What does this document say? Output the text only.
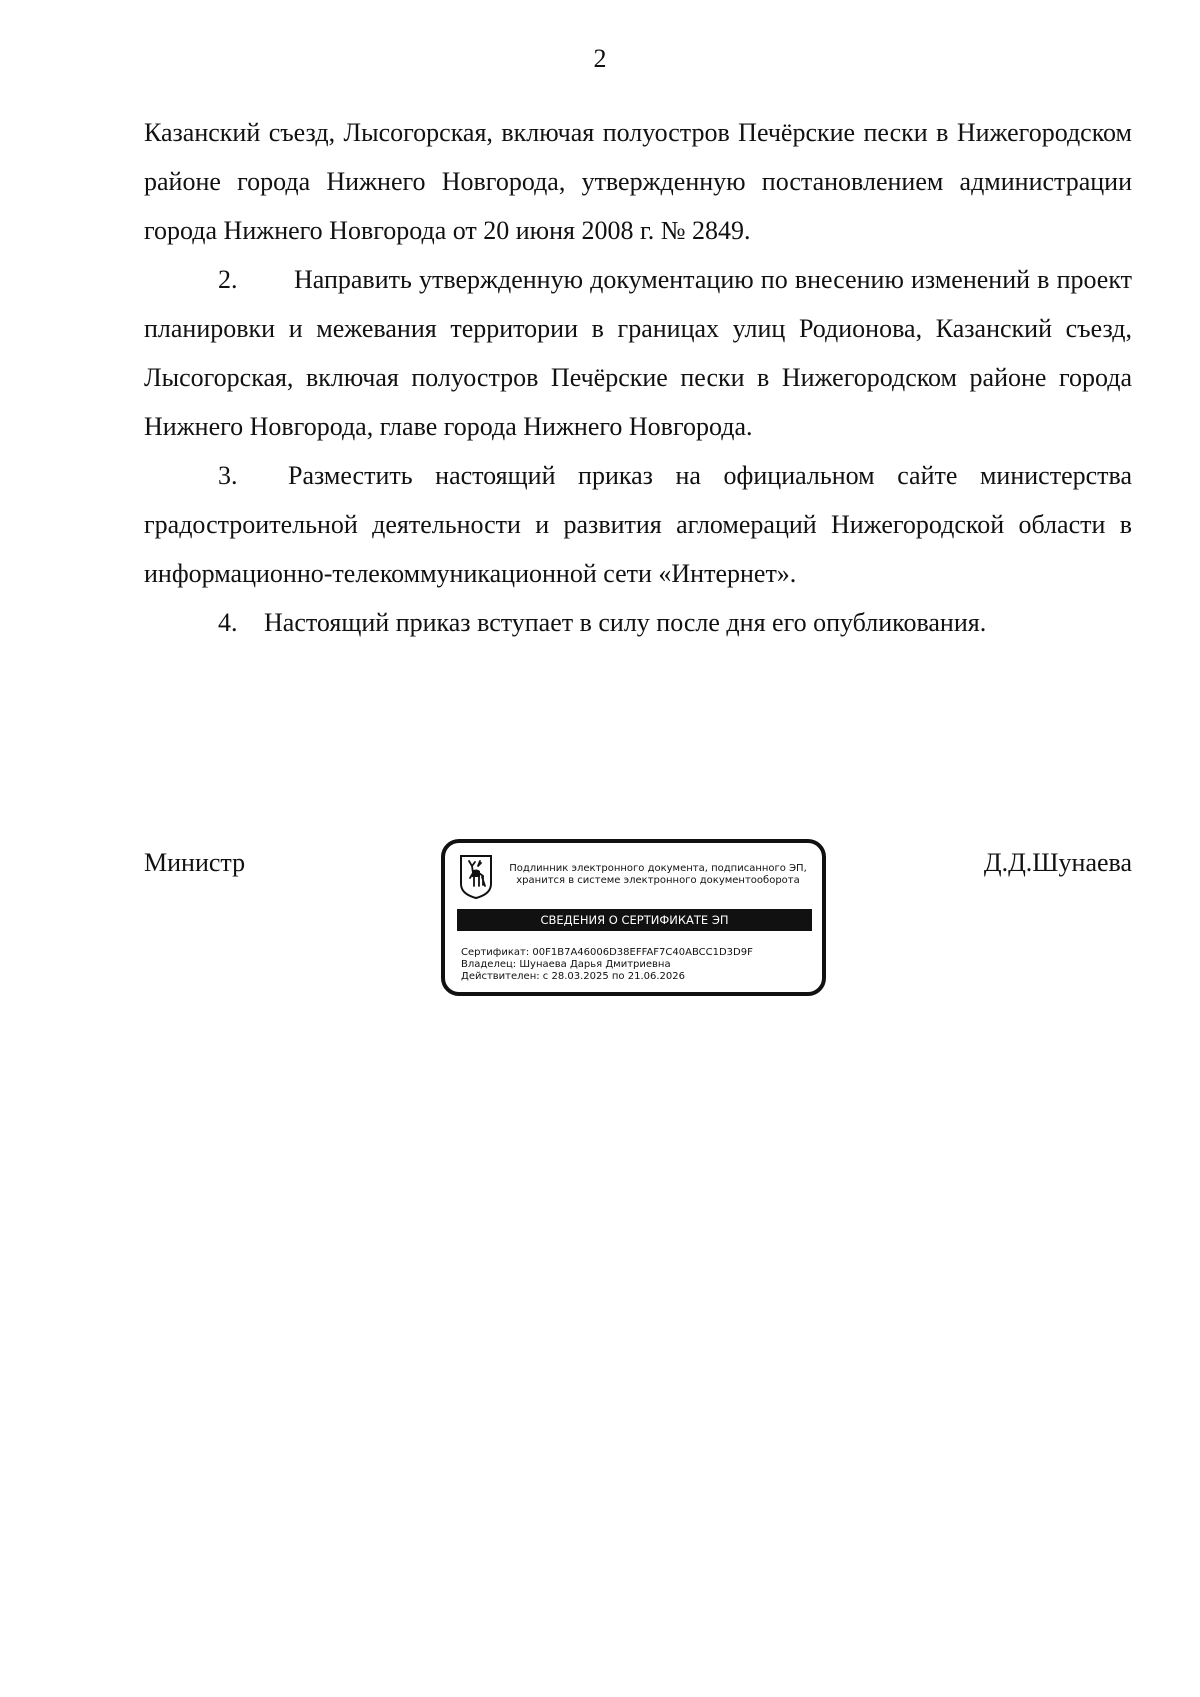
2

Казанский съезд, Лысогорская, включая полуостров Печёрские пески в Нижегородском районе города Нижнего Новгорода, утвержденную постановлением администрации города Нижнего Новгорода от 20 июня 2008 г. № 2849.

2. Направить утвержденную документацию по внесению изменений в проект планировки и межевания территории в границах улиц Родионова, Казанский съезд, Лысогорская, включая полуостров Печёрские пески в Нижегородском районе города Нижнего Новгорода, главе города Нижнего Новгорода.

3. Разместить настоящий приказ на официальном сайте министерства градостроительной деятельности и развития агломераций Нижегородской области в информационно-телекоммуникационной сети «Интернет».

4. Настоящий приказ вступает в силу после дня его опубликования.

Министр	Д.Д.Шунаева
Подлинник электронного документа, подписанного ЭП,
хранится в системе электронного документооборота
СВЕДЕНИЯ О СЕРТИФИКАТЕ ЭП
Сертификат: 00F1B7A46006D38EFFAF7C40ABCC1D3D9F
Владелец: Шунаева Дарья Дмитриевна
Действителен: с 28.03.2025 по 21.06.2026
